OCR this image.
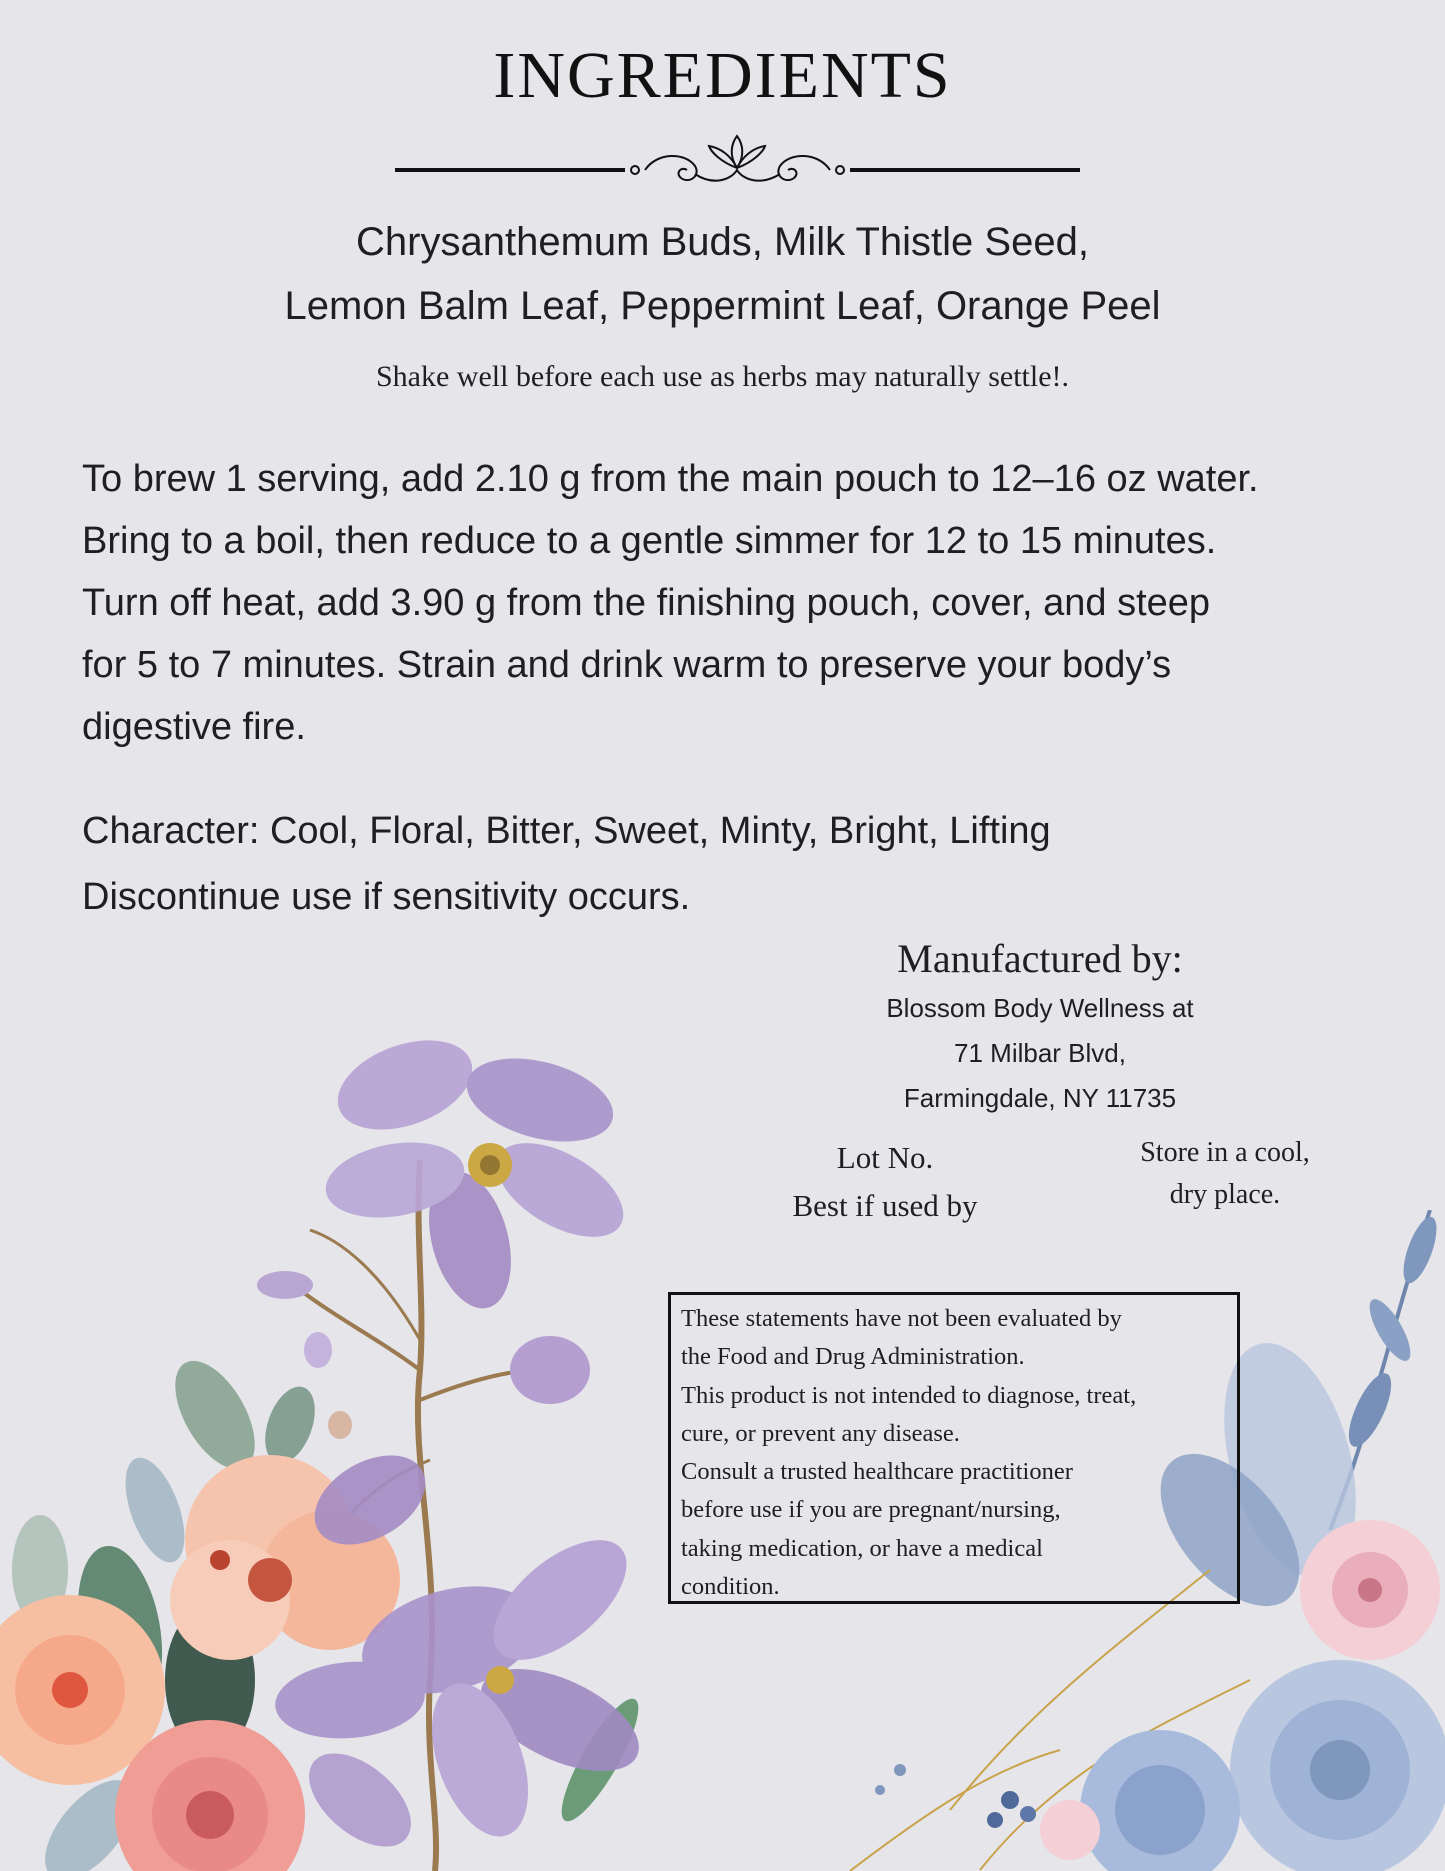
INGREDIENTS
Chrysanthemum Buds, Milk Thistle Seed,
Lemon Balm Leaf, Peppermint Leaf, Orange Peel
Shake well before each use as herbs may naturally settle!.
To brew 1 serving, add 2.10 g from the main pouch to 12–16 oz water.
Bring to a boil, then reduce to a gentle simmer for 12 to 15 minutes.
Turn off heat, add 3.90 g from the finishing pouch, cover, and steep
for 5 to 7 minutes. Strain and drink warm to preserve your body’s
digestive fire.
Character: Cool, Floral, Bitter, Sweet, Minty, Bright, Lifting
Discontinue use if sensitivity occurs.
Manufactured by:
Blossom Body Wellness at
71 Milbar Blvd,
Farmingdale, NY 11735
Lot No.
Best if used by
Store in a cool,
dry place.
These statements have not been evaluated by
the Food and Drug Administration.
This product is not intended to diagnose, treat,
cure, or prevent any disease.
Consult a trusted healthcare practitioner
before use if you are pregnant/nursing,
taking medication, or have a medical
condition.
